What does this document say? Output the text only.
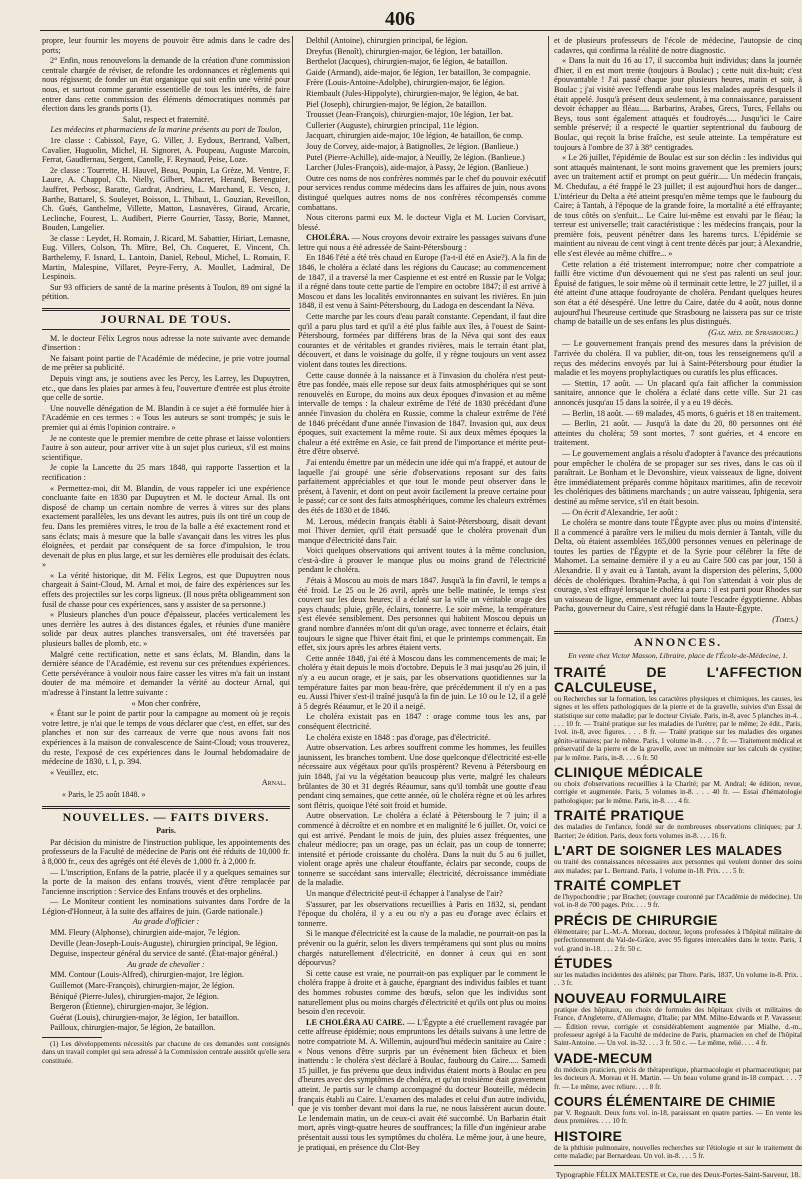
406

propre, leur fournir les moyens de pouvoir être admis dans le cadre des ports;

2° Enfin, nous renouvelons la demande de la création d'une commission centrale chargée de réviser, de refondre les ordonnances et règlements qui nous régissent; de fonder un état organique qui soit enfin une vérité pour nous, et surtout comme garantie essentielle de tous les intérêts, de faire entrer dans cette commission des éléments démocratiques nommés par élection dans les grands ports (1).

Salut, respect et fraternité.

Les médecins et pharmaciens de la marine présents au port de Toulon,

1re classe : Cabissol, Faye, G. Viller, J. Eydoux, Bertrand, Valbert, Cavalier, Huguolin, Michel, H. Signoret, A. Poupeau, Auguste Marcoin, Ferrat, Gaudfernau, Sergent, Canolle, F. Reynaud, Peise, Loze.

2e classe : Tourrette, H. Hauvel, Beau, Poupin, La Grèze, M. Ventre, F. Laure, A. Chappol, Ch. Nielly, Gilbert, Macret, Herand, Berenguier, Jauffret, Perbosc, Baratte, Gardrat, Andrieu, L. Marchand, E. Vesco, J. Barthe, Battarel, S. Souleyet, Boisson, L. Thibaut, L. Gouzian, Reveillon, Ch. Gués, Ganthelme, Villette, Matton, Lasnavères, Giraud, Arcarie, Leclinche, Fourest, L. Audibert, Pierre Gourrier, Tassy, Borie, Mannet, Bouden, Langelier.

3e classe : Leydet, H. Romain, J. Ricard, M. Sabattier, Hiriart, Lemasne, Eug. Villers, Colson, Th. Mître, Bel, Ch. Coqueret, E. Vincent, Ch. Barthelemy, F. Isnard, L. Lantoin, Daniel, Reboul, Michel, L. Romain, F. Martin, Malespine, Villaret, Peyre-Ferry, A. Moullet, Ladmiral, De Lespinois.

Sur 93 officiers de santé de la marine présents à Toulon, 89 ont signé la pétition.

JOURNAL DE TOUS.

M. le docteur Félix Legros nous adresse la note suivante avec demande d'insertion :

Ne faisant point partie de l'Académie de médecine, je prie votre journal de me prêter sa publicité.

Depuis vingt ans, je soutiens avec les Percy, les Larrey, les Dupuytren, etc., que dans les plaies par armes à feu, l'ouverture d'entrée est plus étroite que celle de sortie.

Une nouvelle dénégation de M. Blandin à ce sujet a été formulée hier à l'Académie en ces termes : « Tous les auteurs se sont trompés; je suis le premier qui ai émis l'opinion contraire. »

Je ne conteste que le premier membre de cette phrase et laisse volontiers l'autre à son auteur, pour arriver vite à un sujet plus curieux, s'il est moins scientifique.

Je copie la Lancette du 25 mars 1848, qui rapporte l'assertion et la rectification :

« Permettez-moi, dit M. Blandin, de vous rappeler ici une expérience concluante faite en 1830 par Dupuytren et M. le docteur Arnal. Ils ont disposé de champ un certain nombre de verres à vitres sur des plans exactement parallèles, les uns devant les autres, puis ils ont tiré un coup de feu. Dans les premières vitres, le trou de la balle a été exactement rond et sans éclats; mais à mesure que la balle s'avançait dans les vitres les plus éloignées, et perdait par conséquent de sa force d'impulsion, le trou devenait de plus en plus large, et sur les dernières elle produisait des éclats. »

« La vérité historique, dit M. Félix Legros, est que Dupuytren nous chargeait à Saint-Cloud, M. Arnal et moi, de faire des expériences sur les effets des projectiles sur les corps ligneux. (Il nous prêta obligeamment son fusil de chasse pour ces expériences, sans y assister de sa personne.)

« Plusieurs planches d'un pouce d'épaisseur, placées verticalement les unes derrière les autres à des distances égales, et réunies d'une manière solide par deux autres planches transversales, ont été traversées par plusieurs balles de plomb, etc. »

Malgré cette rectification, nette et sans éclats, M. Blandin, dans la dernière séance de l'Académie, est revenu sur ces prétendues expériences. Cette persévérance à vouloir nous faire casser les vitres m'a fait un instant douter de ma mémoire et demander la vérité au docteur Arnal, qui m'adresse à l'instant la lettre suivante :

« Mon cher confrère,

« Étant sur le point de partir pour la campagne au moment où je reçois votre lettre, je n'ai que le temps de vous déclarer que c'est, en effet, sur des planches et non sur des carreaux de verre que nous avons fait nos expériences à la maison de convalescence de Saint-Cloud; vous trouverez, du reste, l'exposé de ces expériences dans le Journal hebdomadaire de médecine de 1830, t. I, p. 394.

« Veuillez, etc.

Arnal.
« Paris, le 25 août 1848. »
NOUVELLES. — FAITS DIVERS.
Paris.

Par décision du ministre de l'instruction publique, les appointements des professeurs de la Faculté de médecine de Paris ont été réduits de 10,000 fr. à 8,000 fr., ceux des agrégés ont été élevés de 1,000 fr. à 2,000 fr.

— L'inscription, Enfans de la patrie, placée il y a quelques semaines sur la porte de la maison des enfans trouvés, vient d'être remplacée par l'ancienne inscription : Service des Enfans trouvés et des orphelins.

— Le Moniteur contient les nominations suivantes dans l'ordre de la Légion-d'Honneur, à la suite des affaires de juin. (Garde nationale.)

Au grade d'officier :

MM. Fleury (Alphonse), chirurgien aide-major, 7e légion.

Deville (Jean-Joseph-Louis-Auguste), chirurgien principal, 9e légion.

Deguise, inspecteur général du service de santé. (État-major général.)

Au grade de chevalier :

MM. Contour (Louis-Alfred), chirurgien-major, 1re légion.

Guillemot (Marc-François), chirurgien-major, 2e légion.

Béniqué (Pierre-Jules), chirurgien-major, 2e légion.

Bergeron (Étienne), chirurgien-major, 3e légion.

Guérat (Louis), chirurgien-major, 3e légion, 1er bataillon.

Pailloux, chirurgien-major, 5e légion, 2e bataillon.

(1) Les développements nécessités par chacune de ces demandes sont consignés dans un travail complet qui sera adressé à la Commission centrale aussitôt qu'elle sera constituée.

Delthil (Antoine), chirurgien principal, 6e légion.

Dreyfus (Benoît), chirurgien-major, 6e légion, 1er bataillon.

Berthelot (Jacques), chirurgien-major, 6e légion, 4e bataillon.

Gaide (Armand), aide-major, 6e légion, 1er bataillon, 3e compagnie.

Frère (Louis-Antoine-Adolphe), chirurgien-major, 6e légion.

Riembault (Jules-Hippolyte), chirurgien-major, 9e légion, 4e bat.

Piel (Joseph), chirurgien-major, 9e légion, 2e bataillon.

Trousset (Jean-François), chirurgien-major, 10e légion, 1er bat.

Cullerier (Auguste), chirurgien principal, 11e légion.

Jacquart, chirurgien aide-major, 10e légion, 4e bataillon, 6e comp.

Jouy de Corvey, aide-major, à Batignolles, 2e légion. (Banlieue.)

Putel (Pierre-Achille), aide-major, à Neuilly, 2e légion. (Banlieue.)

Larcher (Jules-François), aide-major, à Passy, 2e légion. (Banlieue.)

Outre ces noms de nos confrères nommés par le chef du pouvoir exécutif pour services rendus comme médecins dans les affaires de juin, nous avons distingué quelques autres noms de nos confrères récompensés comme combattans.

Nous citerons parmi eux M. le docteur Vigla et M. Lucien Corvisart, blessé.

CHOLÉRA. — Nous croyons devoir extraire les passages suivans d'une lettre qui nous a été adressée de Saint-Pétersbourg :

En 1846 l'été a été très chaud en Europe (l'a-t-il été en Asie?). A la fin de 1846, le choléra a éclaté dans les régions du Caucase; au commencement de 1847, il a traversé la mer Caspienne et est entré en Russie par le Volga; il a régné dans toute cette partie de l'empire en octobre 1847; il est arrivé à Moscou et dans les localités environnantes en suivant les rivières. En juin 1848, il est venu à Saint-Pétersbourg, du Ladoga en descendant la Néva.

Cette marche par les cours d'eau paraît constante. Cependant, il faut dire qu'il a paru plus tard et qu'il a été plus faible aux îles, à l'ouest de Saint-Pétersbourg, formées par différens bras de la Néva qui sont des eaux courantes et de véritables et grandes rivières, mais le terrain étant plat, découvert, et dans le voisinage du golfe, il y règne toujours un vent assez violent dans toutes les directions.

Cette cause donnée à la naissance et à l'invasion du choléra n'est peut-être pas fondée, mais elle repose sur deux faits atmosphériques qui se sont renouvelés en Europe, du moins aux deux époques d'invasion et au même intervalle de temps : la chaleur extrême de l'été de 1830 précédant d'une année l'invasion du choléra en Russie, comme la chaleur extrême de l'été de 1846 précédant d'une année l'invasion de 1847. Invasion qui, aux deux époques, suit exactement la même route. Si aux deux mêmes époques la chaleur a été extrême en Asie, ce fait prend de l'importance et mérite peut-être d'être observé.

J'ai entendu émettre par un médecin une idée qui m'a frappé, et autour de laquelle j'ai groupé une série d'observations reposant sur des faits parfaitement appréciables et que tout le monde peut observer dans le présent, à l'avenir, et dont on peut avoir facilement la preuve certaine pour le passé; car ce sont des faits atmosphériques, comme les chaleurs extrêmes des étés de 1830 et de 1846.

M. Lerous, médecin français établi à Saint-Pétersbourg, disait devant moi l'hiver dernier, qu'il était persuadé que le choléra provenait d'un manque d'électricité dans l'air.

Voici quelques observations qui arrivent toutes à la même conclusion, c'est-à-dire à prouver le manque plus ou moins grand de l'électricité pendant le choléra.

J'étais à Moscou au mois de mars 1847. Jusqu'à la fin d'avril, le temps a été froid. Le 25 ou le 26 avril, après une belle matinée, le temps s'est couvert sur les deux heures; il a éclaté sur la ville un véritable orage des pays chauds; pluie, grêle, éclairs, tonnerre. Le soir même, la température s'est élevée sensiblement. Des personnes qui habitent Moscou depuis un grand nombre d'années m'ont dit qu'un orage, avec tonnerre et éclairs, était toujours le signe que l'hiver était fini, et que le printemps commençait. En effet, six jours après les arbres étaient verts.

Cette année 1848, j'ai été à Moscou dans les commencements de mai; le choléra y était depuis le mois d'octobre. Depuis le 3 mai jusqu'au 26 juin, il n'y a eu aucun orage, et je sais, par les observations quotidiennes sur la température faites par mon beau-frère, que précédemment il n'y en a pas eu. Aussi l'hiver s'est-il traîné jusqu'à la fin de juin. Le 10 ou le 12, il a gelé à 5 degrés Réaumur, et le 20 il a neigé.

Le choléra existait pas en 1847 : orage comme tous les ans, par conséquent électricité.

Le choléra existe en 1848 : pas d'orage, pas d'électricité.

Autre observation. Les arbres souffrent comme les hommes, les feuilles jaunissent, les branches tombent. Une dose quelconque d'électricité est-elle nécessaire aux végétaux pour qu'ils prospèrent? Revenu à Pétersbourg en juin 1848, j'ai vu la végétation beaucoup plus verte, malgré les chaleurs brûlantes de 30 et 31 degrés Réaumur, sans qu'il tombât une goutte d'eau pendant cinq semaines, que cette année, où le choléra règne et où les arbres sont flétris, quoique l'été soit froid et humide.

Autre observation. Le choléra a éclaté à Pétersbourg le 7 juin; il a commencé à décroître et en nombre et en malignité le 6 juillet. Or, voici ce qui est arrivé. Pendant le mois de juin, des pluies assez fréquentes, une chaleur médiocre; pas un orage, pas un éclair, pas un coup de tonnerre; intensité et période croissante du choléra. Dans la nuit du 5 au 6 juillet, violent orage après une chaleur étouffante, éclairs par seconde, coups de tonnerre se succédant sans intervalle; électricité, décroissance immédiate de la maladie.

Un manque d'électricité peut-il échapper à l'analyse de l'air?

S'assurer, par les observations recueillies à Paris en 1832, si, pendant l'époque du choléra, il y a eu ou n'y a pas eu d'orage avec éclairs et tonnerre.

Si le manque d'électricité est la cause de la maladie, ne pourrait-on pas la prévenir ou la guérir, selon les divers tempéramens qui sont plus ou moins chargés naturellement d'électricité, en donner à ceux qui en sont dépourvus?

Si cette cause est vraie, ne pourrait-on pas expliquer par le comment le choléra frappe à droite et à gauche, épargnant des individus faibles et tuant des hommes robustes comme des bœufs, selon que les individus sont naturellement plus ou moins chargés d'électricité et qu'ils ont plus ou moins besoin d'en recevoir.

LE CHOLÉRA AU CAIRE. — L'Égypte a été cruellement ravagée par cette affreuse épidémie; nous empruntons les détails suivans à une lettre de notre compatriote M. A. Willemin, aujourd'hui médecin sanitaire au Caire : « Nous venons d'être surpris par un événement bien fâcheux et bien inattendu : le choléra s'est déclaré à Boulac, faubourg du Caire..... Samedi 15 juillet, je fus prévenu que deux individus étaient morts à Boulac en peu d'heures avec des symptômes de choléra, et qu'un troisième était gravement atteint. Je partis sur le champ accompagné du docteur Bouteille, médecin français établi au Caire. L'examen des malades et celui d'un autre individu, que je vis tomber devant moi dans la rue, ne nous laissèrent aucun doute. Le lendemain matin, un de ceux-ci avait été succombé. Un Barbarin était mort, après vingt-quatre heures de souffrances; la fille d'un ingénieur arabe présentait aussi tous les symptômes du choléra. Le même jour, à une heure, je pratiquai, en présence du Clot-Bey

et de plusieurs professeurs de l'école de médecine, l'autopsie de cinq cadavres, qui confirma la réalité de notre diagnostic.

« Dans la nuit du 16 au 17, il succomba huit individus; dans la journée d'hier, il en est mort trente (toujours à Boulac) ; cette nuit dix-huit; c'est épouvantable ! J'ai passé chaque jour plusieurs heures, matin et soir, à Boulac ; j'ai visité avec l'effendi arabe tous les malades auprès desquels il était appelé. Jusqu'à présent deux seulement, à ma connaissance, paraissent devoir échapper au fléau..... Barbarins, Arabes, Grecs, Turcs, Fellahs ou Beys, tous sont également attaqués et foudroyés..... Jusqu'ici le Caire semble préservé; il a respecté le quartier septentrional du faubourg de Boulac, qui reçoit la brise fraîche, est seule atteinte. La température est toujours à l'ombre de 37 à 38° centigrades.

« Le 26 juillet, l'épidémie de Boulac est sur son déclin : les individus qui sont attaqués maintenant, le sont moins gravement que les premiers jours; avec un traitement actif et prompt on peut guérir..... Un médecin français, M. Chedufau, a été frappé le 23 juillet; il est aujourd'hui hors de danger... L'intérieur du Delta a été atteint presqu'en même temps que le faubourg du Caire; à Tantah, à l'époque de la grande foire, la mortalité a été effrayante; de tous côtés on s'enfuit... Le Caire lui-même est envahi par le fléau; la terreur est universelle; trait caractéristique : les médecins français, pour la première fois, peuvent pénétrer dans les harems turcs. L'épidémie se maintient au niveau de cent vingt à cent trente décès par jour; à Alexandrie, elle s'est élevée au même chiffre... »

Cette relation a été tristement interrompue; notre cher compatriote a failli être victime d'un dévouement qui ne s'est pas ralenti un seul jour. Épuisé de fatigues, le soir même où il terminait cette lettre, le 27 juillet, il a été atteint d'une attaque foudroyante de choléra. Pendant quelques heures son état a été désespéré. Une lettre du Caire, datée du 4 août, nous donne aujourd'hui l'heureuse certitude que Strasbourg ne laissera pas sur ce triste champ de bataille un de ses enfans les plus distingués.

(Gaz. méd. de Strasbourg.)

— Le gouvernement français prend des mesures dans la prévision de l'arrivée du choléra. Il va publier, dit-on, tous les renseignemens qu'il a reçus des médecins envoyés par lui à Saint-Pétersbourg pour étudier la maladie et les moyens prophylactiques ou curatifs les plus efficaces.

— Stettin, 17 août. — Un placard qu'a fait afficher la commission sanitaire, annonce que le choléra a éclaté dans cette ville. Sur 21 cas annoncés jusqu'au 15 dans la soirée, il y a eu 19 décès.

— Berlin, 18 août. — 69 malades, 45 morts, 6 guéris et 18 en traitement.

— Berlin, 21 août. — Jusqu'à la date du 20, 80 personnes ont été atteintes du choléra; 59 sont mortes, 7 sont guéries, et 4 encore en traitement.

— Le gouvernement anglais a résolu d'adopter à l'avance des précautions pour empêcher le choléra de se propager sur ses rives, dans le cas où il paraîtrait. Le Bonham et le Devonshire, vieux vaisseaux de ligne, doivent être immédiatement préparés comme hôpitaux maritimes, afin de recevoir les cholériques des bâtimens marchands ; un autre vaisseau, Iphigenia, sera destiné au même service, s'il en était besoin.

— On écrit d'Alexandrie, 1er août :

Le choléra se montre dans toute l'Égypte avec plus ou moins d'intensité. Il a commencé à paraître vers le milieu du mois dernier à Tantah, ville du Delta, où étaient assemblées 165,000 personnes venues en pèlerinage de toutes les parties de l'Égypte et de la Syrie pour célébrer la fête de Mahomet. La semaine dernière il y a eu au Caire 500 cas par jour, 150 à Alexandrie. Il y avait eu à Tantah, avant la dispersion des pèlerins, 5,000 décès de cholériques. Ibrahim-Pacha, à qui l'on s'attendait à voir plus de courage, s'est effrayé lorsque le choléra a paru : il est parti pour Rhodes sur un vaisseau de ligne, emmenant avec lui toute l'escadre égyptienne. Abbas Pacha, gouverneur du Caire, s'est réfugié dans la Haute-Égypte.

(Times.)
ANNONCES.
En vente chez Victor Masson, Libraire, place de l'École-de-Médecine, 1.
TRAITÉ DE L'AFFECTION CALCULEUSE,
ou Recherches sur la formation, les caractères physiques et chimiques, les causes, les signes et les effets pathologiques de la pierre et de la gravelle, suivies d'un Essai de statistique sur cette maladie; par le docteur Civiale. Paris, in-8, avec 5 planches in-4. . . . . 10 fr. — Traité pratique sur les maladies de l'urètre; par le même; 2e édit., Paris, 1vol. in-8, avec figures. . . . 8 fr. — Traité pratique sur les maladies des organes génito-urinaires; par le même. Paris, 1 volume in-8. . . . 7 fr. — Traitement médical et préservatif de la pierre et de la gravelle, avec un mémoire sur les calculs de cystine; par le même. Paris, in-8. . . . 6 fr. 50
CLINIQUE MÉDICALE
ou choix d'observations recueillies à la Charité; par M. Andral; 4e édition, revue, corrigée et augmentée. Paris, 5 volumes in-8. . . . 40 fr. — Essai d'hématologie pathologique; par le même. Paris, in-8. . . . 4 fr.
TRAITÉ PRATIQUE
des maladies de l'enfance, fondé sur de nombreuses observations cliniques; par J. Barrier; 2e édition. Paris, deux forts volumes in-8. . . . 16 fr.
L'ART DE SOIGNER LES MALADES
ou traité des connaissances nécessaires aux personnes qui veulent donner des soins aux malades; par L. Bertrand. Paris, 1 volume in-18. Prix. . . . 5 fr.
TRAITÉ COMPLET
de l'hypochondrie ; par Brachet; (ouvrage couronné par l'Académie de médecine). Un vol. in-8 de 700 pages. Prix. . . . 9 fr.
PRÉCIS DE CHIRURGIE
élémentaire; par L.-M.-A. Moreau, docteur, leçons professées à l'hôpital militaire de perfectionnement du Val-de-Grâce, avec 95 figures intercalées dans le texte. Paris, 1 vol. grand in-18. . . . 2 fr. 50 c.
ÉTUDES
sur les maladies incidentes des aliénés; par Thore. Paris, 1837, Un volume in-8. Prix. . . . 3 fr.
NOUVEAU FORMULAIRE
pratique des hôpitaux, ou choix de formules des hôpitaux civils et militaires de France, d'Angleterre, d'Allemagne, d'Italie; par MM. Milne-Edwards et P. Vavasseur. — Édition revue, corrigée et considérablement augmentée par Mialhe, d.-m., professeur agrégé à la Faculté de médecine de Paris, pharmacien en chef de l'hôpital Saint-Antoine. — Un vol. in-32. . . . 3 fr. 50 c. — Le même, relié. . . . 4 fr.
VADE-MECUM
du médecin praticien, précis de thérapeutique, pharmacologie et pharmaceutique; par les docteurs A. Moreau et H. Martin. — Un beau volume grand in-18 compact. . . . 7 fr. — Le même, avec reliure. . . . 8 fr.
COURS ÉLÉMENTAIRE DE CHIMIE
par V. Regnault. Deux forts vol. in-18, paraissant en quatre parties. — En vente les deux premières. . . . 10 fr.
HISTOIRE
de la phthisie pulmonaire, nouvelles recherches sur l'étiologie et sur le traitement de cette maladie; par Bernardeau. Un vol. in-8. . . . 5 fr.
Typographie FÉLIX MALTESTE et Ce, rue des Deux-Portes-Saint-Sauveur, 18.
